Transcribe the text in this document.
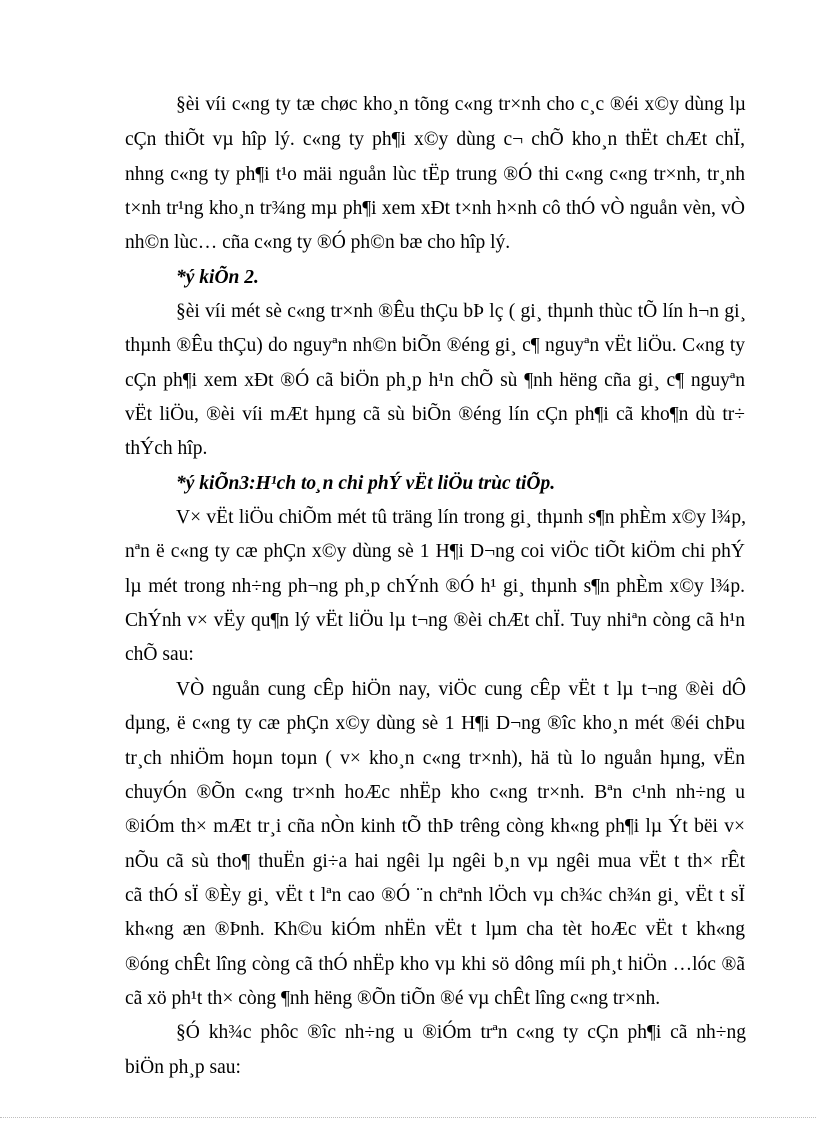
§èi víi c«ng ty tæ chøc kho¸n tõng c«ng tr×nh cho c¸c ®éi x©y dùng lµ
cÇn thiÕt vµ hîp lý. c«ng ty ph¶i x©y dùng c¬ chÕ kho¸n thËt chÆt chÏ,
nhng c«ng ty ph¶i t¹o mäi nguån lùc tËp trung ®Ó thi c«ng c«ng tr×nh, tr¸nh
t×nh tr¹ng kho¸n tr¾ng mµ ph¶i xem xÐt t×nh h×nh cô thÓ vÒ nguån vèn, vÒ
nh©n lùc… cña c«ng ty ®Ó ph©n bæ cho hîp lý.
*ý kiÕn 2.
§èi víi mét sè c«ng tr×nh ®Êu thÇu bÞ lç ( gi¸ thµnh thùc tÕ lín h¬n gi¸
thµnh ®Êu thÇu) do nguyªn nh©n biÕn ®éng gi¸ c¶ nguyªn vËt liÖu. C«ng ty
cÇn ph¶i xem xÐt ®Ó cã biÖn ph¸p h¹n chÕ sù ¶nh hëng cña gi¸ c¶ nguyªn
vËt liÖu, ®èi víi mÆt hµng cã sù biÕn ®éng lín cÇn ph¶i cã kho¶n dù tr÷
thÝch hîp.
*ý kiÕn3:H¹ch to¸n chi phÝ vËt liÖu trùc tiÕp.
V× vËt liÖu chiÕm mét tû träng lín trong gi¸ thµnh s¶n phÈm x©y l¾p,
nªn ë c«ng ty cæ phÇn x©y dùng sè 1 H¶i D¬ng coi viÖc tiÕt kiÖm chi phÝ
lµ mét trong nh÷ng ph¬ng ph¸p chÝnh ®Ó h¹ gi¸ thµnh s¶n phÈm x©y l¾p.
ChÝnh v× vËy qu¶n lý vËt liÖu lµ t¬ng ®èi chÆt chÏ. Tuy nhiªn còng cã h¹n
chÕ sau:
VÒ nguån cung cÊp hiÖn nay, viÖc cung cÊp vËt t lµ t¬ng ®èi dÔ
dµng, ë c«ng ty cæ phÇn x©y dùng sè 1 H¶i D¬ng ®îc kho¸n mét ®éi chÞu
tr¸ch nhiÖm hoµn toµn ( v× kho¸n c«ng tr×nh), hä tù lo nguån hµng, vËn
chuyÓn ®Õn c«ng tr×nh hoÆc nhËp kho c«ng tr×nh. Bªn c¹nh nh÷ng u
®iÓm th× mÆt tr¸i cña nÒn kinh tÕ thÞ trêng còng kh«ng ph¶i lµ Ýt bëi v×
nÕu cã sù tho¶ thuËn gi÷a hai ngêi lµ ngêi b¸n vµ ngêi mua vËt t th× rÊt
cã thÓ sÏ ®Èy gi¸ vËt t lªn cao ®Ó ¨n chªnh lÖch vµ ch¾c ch¾n gi¸ vËt t sÏ
kh«ng æn ®Þnh. Kh©u kiÓm nhËn vËt t lµm cha tèt hoÆc vËt t kh«ng
®óng chÊt lîng còng cã thÓ nhËp kho vµ khi sö dông míi ph¸t hiÖn …lóc ®ã
cã xö ph¹t th× còng ¶nh hëng ®Õn tiÕn ®é vµ chÊt lîng c«ng tr×nh.
§Ó kh¾c phôc ®îc nh÷ng u ®iÓm trªn c«ng ty cÇn ph¶i cã nh÷ng
biÖn ph¸p sau:
